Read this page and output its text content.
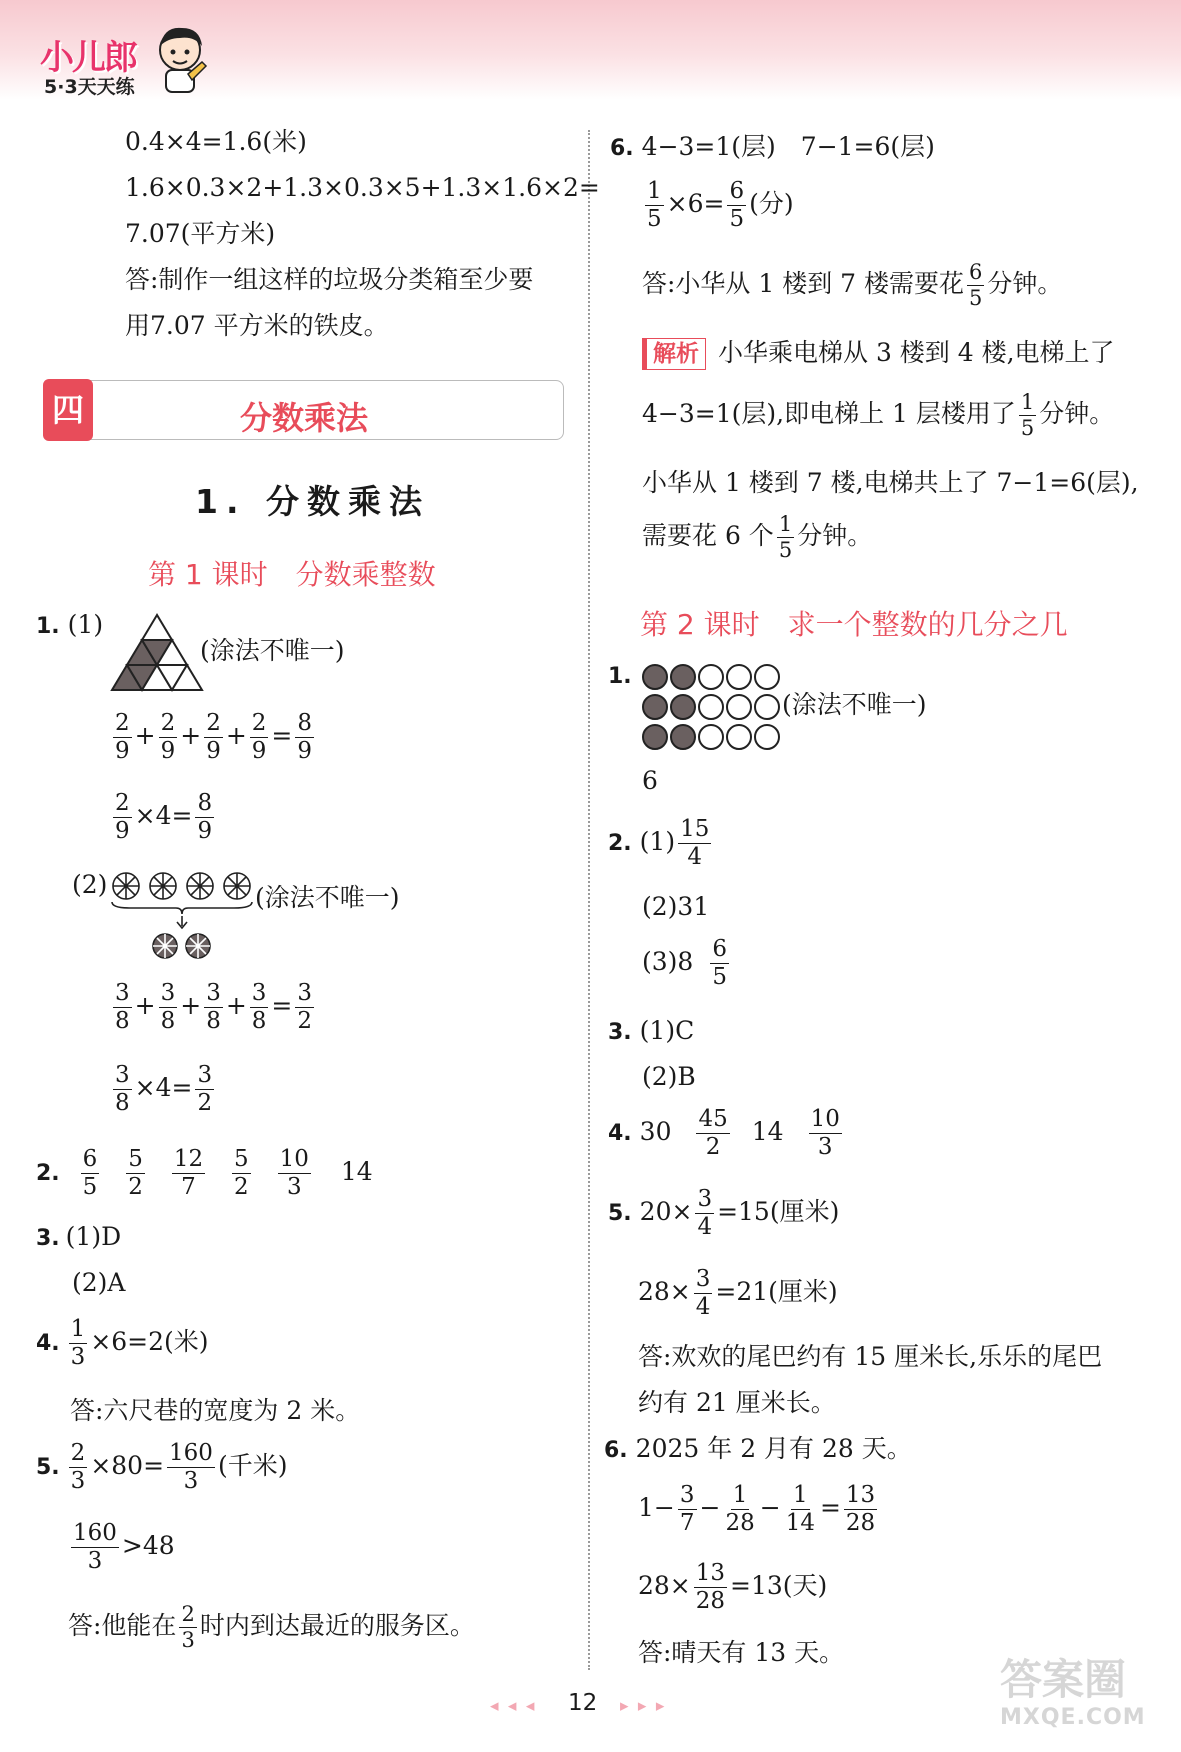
小儿郎
5·3天天练
0.4×4=1.6(米)
1.6×0.3×2+1.3×0.3×5+1.3×1.6×2=
7.07(平方米)
答:制作一组这样的垃圾分类箱至少要
用7.07 平方米的铁皮。
四	分数乘法
1. 分数乘法
第 1 课时　分数乘整数
1. (1)
(涂法不唯一)
$\frac{2}{9} + \frac{2}{9} + \frac{2}{9} + \frac{2}{9} = \frac{8}{9}$
$\frac{2}{9} \times 4= \frac{8}{9}$
(2)	(涂法不唯一)
$\frac{3}{8} + \frac{3}{8} + \frac{3}{8} + \frac{3}{8} = \frac{3}{2}$
$\frac{3}{8} \times 4= \frac{3}{2}$
2. $\frac{6}{5}$
$\frac{5}{2}$
$\frac{12}{7}$
$\frac{5}{2}$
$\frac{10}{3} 14$
3. (1)D
(2)A
4. $\frac{1}{3} \times 6=2$(米)
答:六尺巷的宽度为 2 米。
5. $\frac{2}{3} \times 80= \frac{160}{3}$ (千米)
$\frac{160}{3} >48$
答:他能在 $\frac{2}{3}$ 时内到达最近的服务区。
6. 4−3=1(层)　7−1=6(层)
$\frac{1}{5} \times 6= \frac{6}{5}$ (分)
答:小华从 1 楼到 7 楼需要花 $\frac{6}{5}$ 分钟。
解析 小华乘电梯从 3 楼到 4 楼,电梯上了
4−3=1(层),即电梯上 1 层楼用了 $\frac{1}{5}$ 分钟。
小华从 1 楼到 7 楼,电梯共上了 7−1=6(层),
需要花 6 个 $\frac{1}{5}$ 分钟。
第 2 课时　求一个整数的几分之几
1.
(涂法不唯一)
6
2. $(1) \frac{15}{4}$
(2)31
$(3)8 \frac{6}{5}$
3. (1)C
(2)B
4. $30 \frac{45}{2} 14 \frac{10}{3}$
5. $20\times \frac{3}{4} =15$(厘米)
$28\times \frac{3}{4} =21$(厘米)
答:欢欢的尾巴约有 15 厘米长,乐乐的尾巴
约有 21 厘米长。
6. 2025 年 2 月有 28 天。
$1- \frac{3}{7} - \frac{1}{28} - \frac{1}{14} = \frac{13}{28}$
$28\times \frac{13}{28} =13$(天)
答:晴天有 13 天。
◂ ◂ ◂ 12 ▸ ▸ ▸
答案圈
MXQE.COM
